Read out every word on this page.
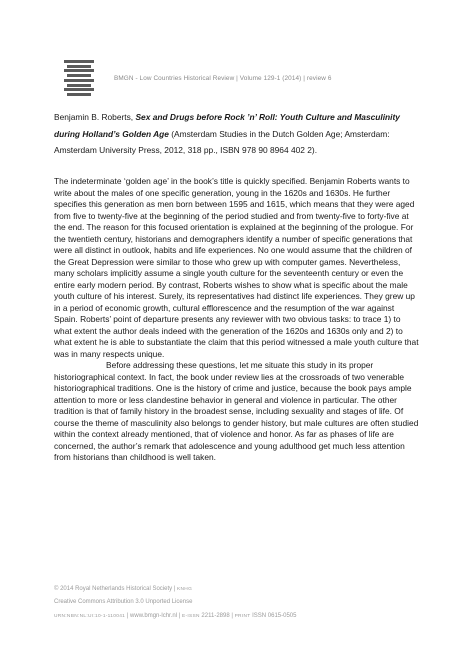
BMGN - Low Countries Historical Review | Volume 129-1 (2014) | review 6
Benjamin B. Roberts, Sex and Drugs before Rock ’n’ Roll: Youth Culture and Masculinity during Holland’s Golden Age (Amsterdam Studies in the Dutch Golden Age; Amsterdam: Amsterdam University Press, 2012, 318 pp., ISBN 978 90 8964 402 2).

The indeterminate ‘golden age’ in the book’s title is quickly specified. Benjamin Roberts wants to write about the males of one specific generation, young in the 1620s and 1630s. He further specifies this generation as men born between 1595 and 1615, which means that they were aged from five to twenty-five at the beginning of the period studied and from twenty-five to forty-five at the end. The reason for this focused orientation is explained at the beginning of the prologue. For the twentieth century, historians and demographers identify a number of specific generations that were all distinct in outlook, habits and life experiences. No one would assume that the children of the Great Depression were similar to those who grew up with computer games. Nevertheless, many scholars implicitly assume a single youth culture for the seventeenth century or even the entire early modern period. By contrast, Roberts wishes to show what is specific about the male youth culture of his interest. Surely, its representatives had distinct life experiences. They grew up in a period of economic growth, cultural efflorescence and the resumption of the war against Spain. Roberts’ point of departure presents any reviewer with two obvious tasks: to trace 1) to what extent the author deals indeed with the generation of the 1620s and 1630s only and 2) to what extent he is able to substantiate the claim that this period witnessed a male youth culture that was in many respects unique.

Before addressing these questions, let me situate this study in its proper historiographical context. In fact, the book under review lies at the crossroads of two venerable historiographical traditions. One is the history of crime and justice, because the book pays ample attention to more or less clandestine behavior in general and violence in particular. The other tradition is that of family history in the broadest sense, including sexuality and stages of life. Of course the theme of masculinity also belongs to gender history, but male cultures are often studied within the context already mentioned, that of violence and honor. As far as phases of life are concerned, the author’s remark that adolescence and young adulthood get much less attention from historians than childhood is well taken.

© 2014 Royal Netherlands Historical Society | KNHG
Creative Commons Attribution 3.0 Unported License
URN:NBN:NL:UI:10-1-110041 | www.bmgn-lchr.nl | E-ISSN 2211-2898 | PRINT ISSN 0615-0505
